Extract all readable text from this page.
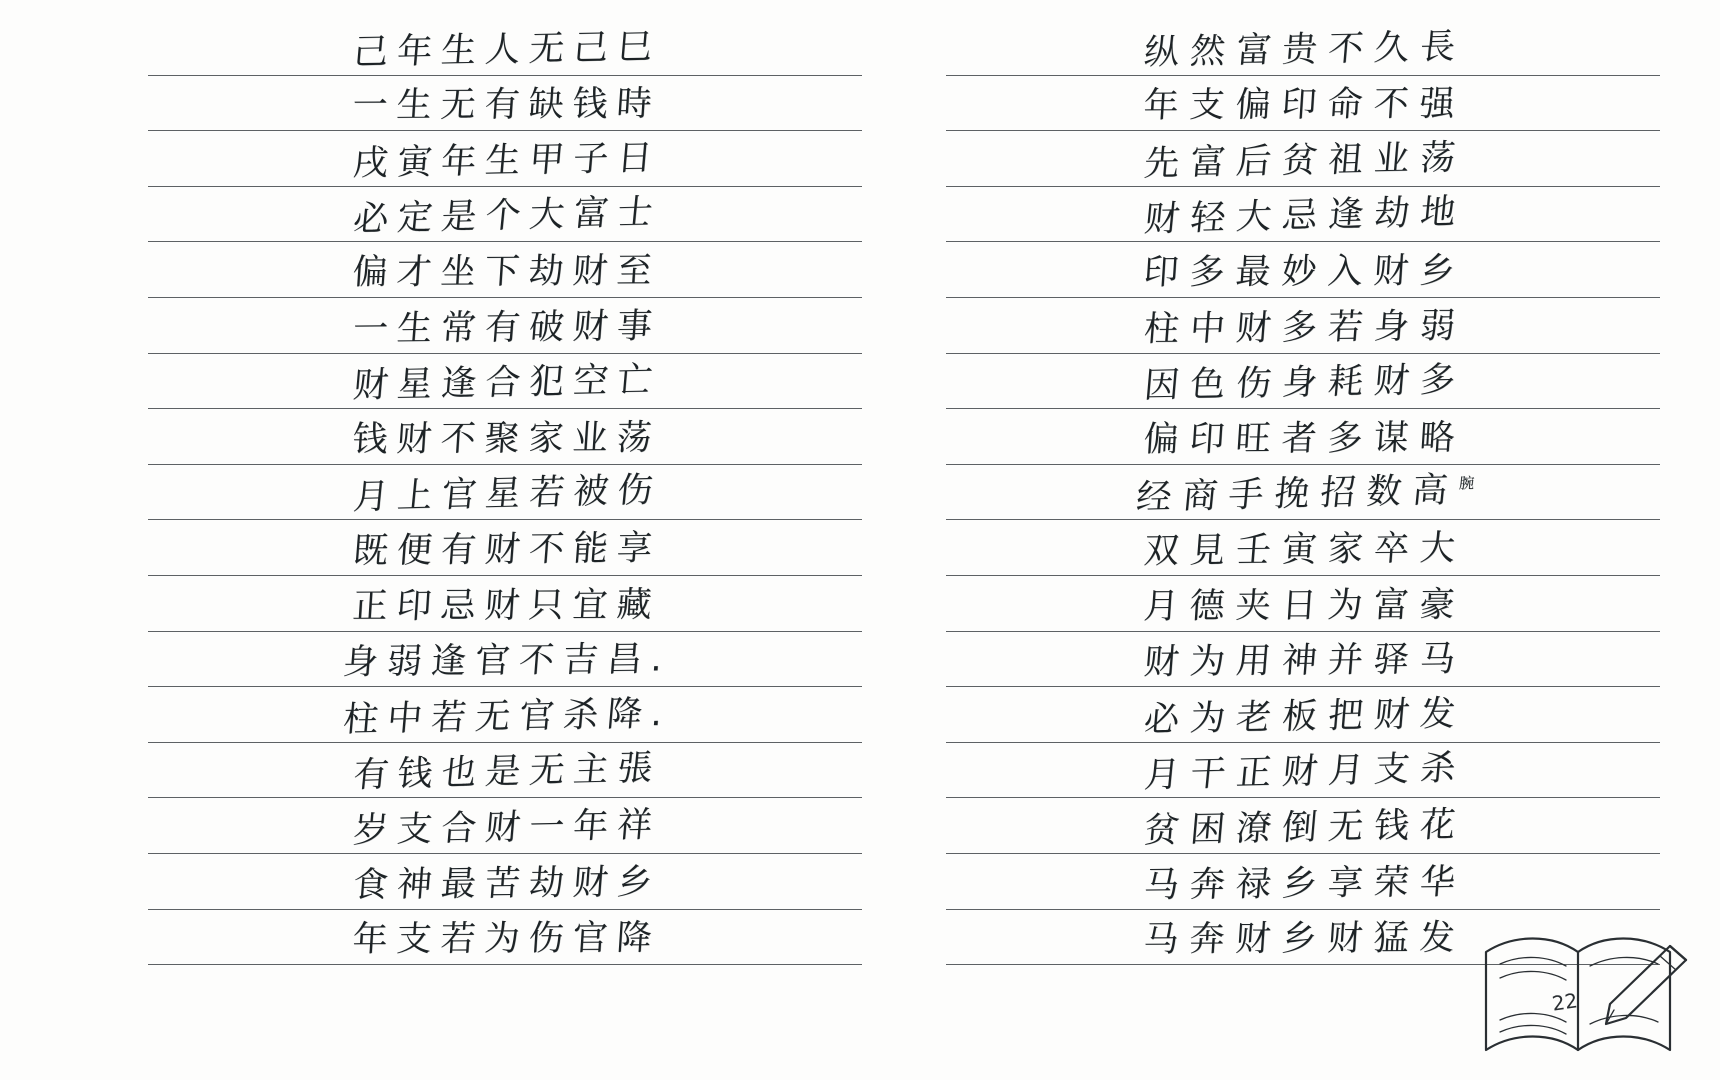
己年生人无己巳
一生无有缺钱時
戌寅年生甲子日
必定是个大富士
偏才坐下劫财至
一生常有破财事
财星逢合犯空亡
钱财不聚家业荡
月上官星若被伤
既便有财不能享
正印忌财只宜藏
身弱逢官不吉昌.
柱中若无官杀降.
有钱也是无主張
岁支合财一年祥
食神最苦劫财乡
年支若为伤官降
纵然富贵不久長
年支偏印命不强
先富后贫祖业荡
财轻大忌逢劫地
印多最妙入财乡
柱中财多若身弱
因色伤身耗财多
偏印旺者多谋略
经商手挽招数高$^腕$
双見壬寅家卒大
月德夹日为富豪
财为用神并驿马
必为老板把财发
月干正财月支杀
贫困潦倒无钱花
马奔禄乡享荣华
马奔财乡财猛发
22
